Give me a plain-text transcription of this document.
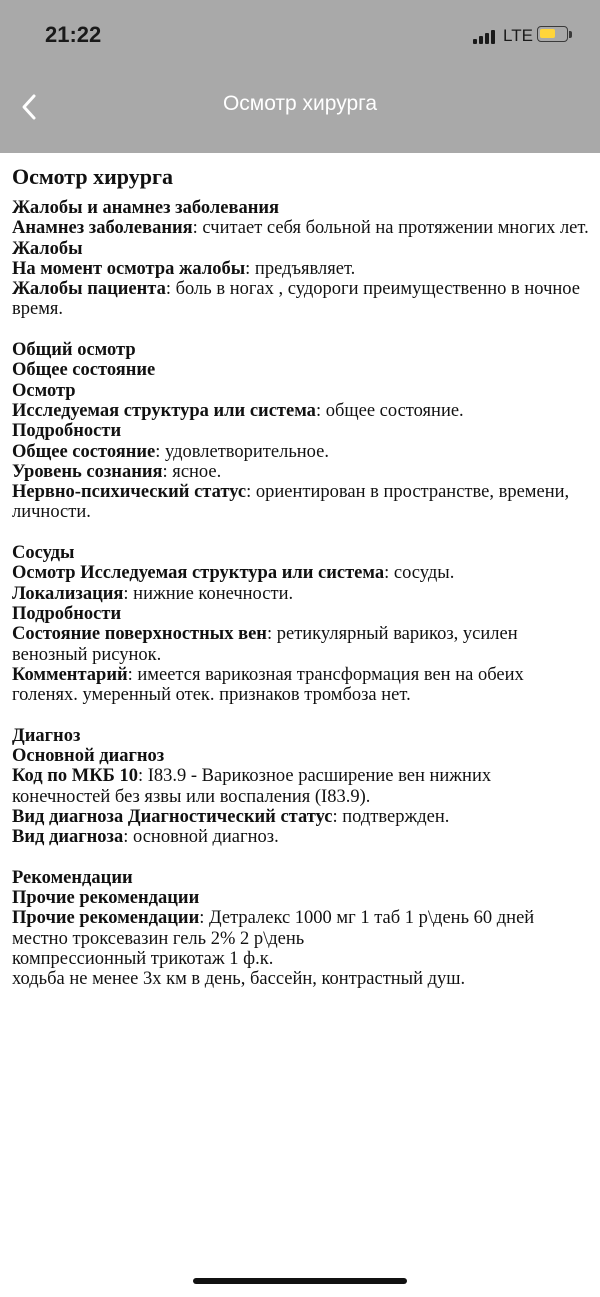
21:22	LTE
Осмотр хирурга
Осмотр хирурга
Жалобы и анамнез заболевания
Анамнез заболевания: считает себя больной на протяжении многих лет.
Жалобы
На момент осмотра жалобы: предъявляет.
Жалобы пациента: боль в ногах , судороги преимущественно в ночное время.
Общий осмотр
Общее состояние
Осмотр
Исследуемая структура или система: общее состояние.
Подробности
Общее состояние: удовлетворительное.
Уровень сознания: ясное.
Нервно-психический статус: ориентирован в пространстве, времени, личности.
Сосуды
Осмотр Исследуемая структура или система: сосуды.
Локализация: нижние конечности.
Подробности
Состояние поверхностных вен: ретикулярный варикоз, усилен венозный рисунок.
Комментарий: имеется варикозная трансформация вен на обеих голенях. умеренный отек. признаков тромбоза нет.
Диагноз
Основной диагноз
Код по МКБ 10: I83.9 - Варикозное расширение вен нижних конечностей без язвы или воспаления (I83.9).
Вид диагноза Диагностический статус: подтвержден.
Вид диагноза: основной диагноз.
Рекомендации
Прочие рекомендации
Прочие рекомендации: Детралекс 1000 мг 1 таб 1 р\день 60 дней
местно троксевазин гель 2% 2 р\день
компрессионный трикотаж 1 ф.к.
ходьба не менее 3х км в день, бассейн, контрастный душ.
